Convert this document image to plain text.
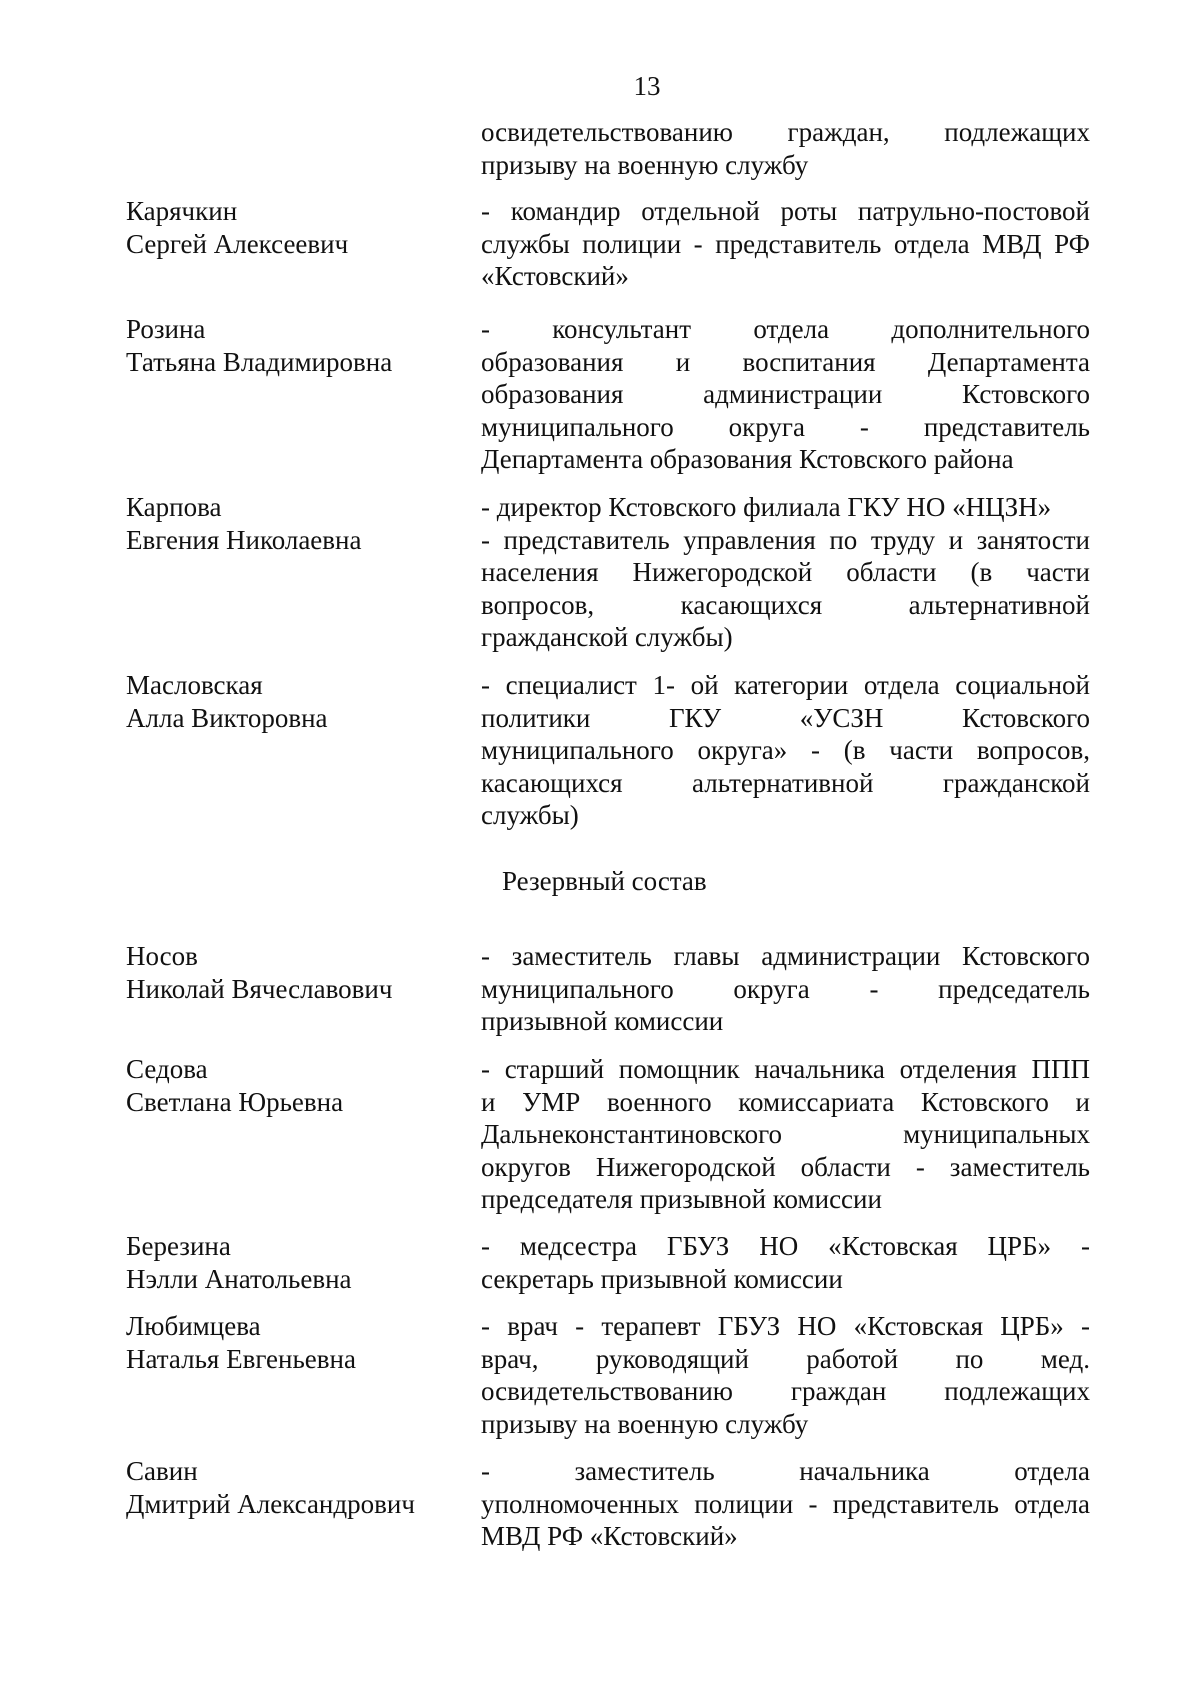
13
освидетельствованию граждан, подлежащих
призыву на военную службу
Карячкин
Сергей Алексеевич
- командир отдельной роты патрульно-постовой
службы полиции - представитель отдела МВД РФ
«Кстовский»
Розина
Татьяна Владимировна
- консультант отдела дополнительного
образования и воспитания Департамента
образования администрации Кстовского
муниципального округа - представитель
Департамента образования Кстовского района
Карпова
Евгения Николаевна
- директор Кстовского филиала ГКУ НО «НЦЗН»
- представитель управления по труду и занятости
населения Нижегородской области (в части
вопросов, касающихся альтернативной
гражданской службы)
Масловская
Алла Викторовна
- специалист 1- ой категории отдела социальной
политики ГКУ «УСЗН Кстовского
муниципального округа» - (в части вопросов,
касающихся альтернативной гражданской
службы)
Резервный состав
Носов
Николай Вячеславович
- заместитель главы администрации Кстовского
муниципального округа - председатель
призывной комиссии
Седова
Светлана Юрьевна
- старший помощник начальника отделения ППП
и УМР военного комиссариата Кстовского и
Дальнеконстантиновского муниципальных
округов Нижегородской области - заместитель
председателя призывной комиссии
Березина
Нэлли Анатольевна
- медсестра ГБУЗ НО «Кстовская ЦРБ» -
секретарь призывной комиссии
Любимцева
Наталья Евгеньевна
- врач - терапевт ГБУЗ НО «Кстовская ЦРБ» -
врач, руководящий работой по мед.
освидетельствованию граждан подлежащих
призыву на военную службу
Савин
Дмитрий Александрович
- заместитель начальника отдела
уполномоченных полиции - представитель отдела
МВД РФ «Кстовский»
